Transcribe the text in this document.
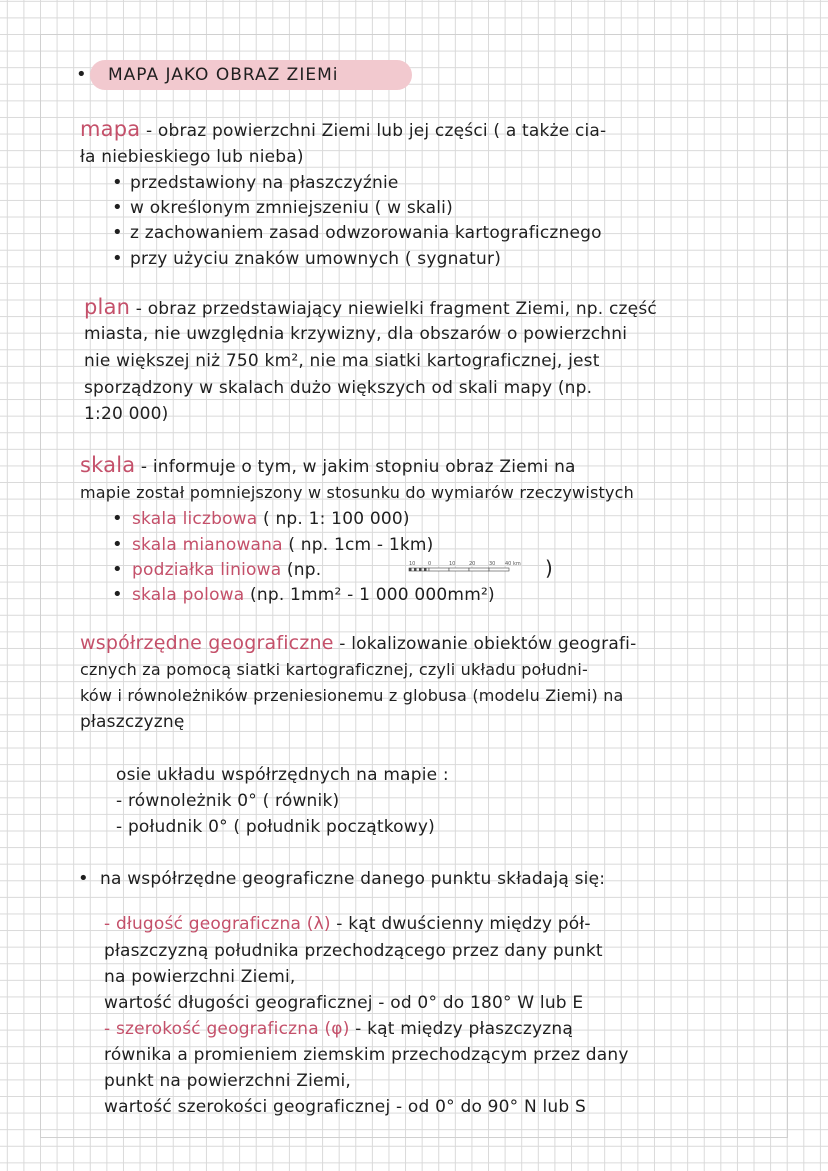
• MAPA JAKO OBRAZ ZIEMi
mapa - obraz powierzchni Ziemi lub jej części ( a także cia-
ła niebieskiego lub nieba)
• przedstawiony na płaszczyźnie
• w określonym zmniejszeniu ( w skali)
• z zachowaniem zasad odwzorowania kartograficznego
• przy użyciu znaków umownych ( sygnatur)
plan - obraz przedstawiający niewielki fragment Ziemi, np. część
miasta, nie uwzględnia krzywizny, dla obszarów o powierzchni
nie większej niż 750 km², nie ma siatki kartograficznej, jest
sporządzony w skalach dużo większych od skali mapy (np.
1:20 000)
skala - informuje o tym, w jakim stopniu obraz Ziemi na
mapie został pomniejszony w stosunku do wymiarów rzeczywistych
• skala liczbowa ( np. 1: 100 000)
• skala mianowana ( np. 1cm - 1km)
• podziałka liniowa (np.	)
10	0	10	20	30 40 km
• skala polowa (np. 1mm² - 1 000 000mm²)
współrzędne geograficzne - lokalizowanie obiektów geografi-
cznych za pomocą siatki kartograficznej, czyli układu południ-
ków i równoleżników przeniesionemu z globusa (modelu Ziemi) na
płaszczyznę
osie układu współrzędnych na mapie :
- równoleżnik 0° ( równik)
- południk 0° ( południk początkowy)
• na współrzędne geograficzne danego punktu składają się:
- długość geograficzna (λ) - kąt dwuścienny między pół-
płaszczyzną południka przechodzącego przez dany punkt
na powierzchni Ziemi,
wartość długości geograficznej - od 0° do 180° W lub E
- szerokość geograficzna (φ) - kąt między płaszczyzną
równika a promieniem ziemskim przechodzącym przez dany
punkt na powierzchni Ziemi,
wartość szerokości geograficznej - od 0° do 90° N lub S
